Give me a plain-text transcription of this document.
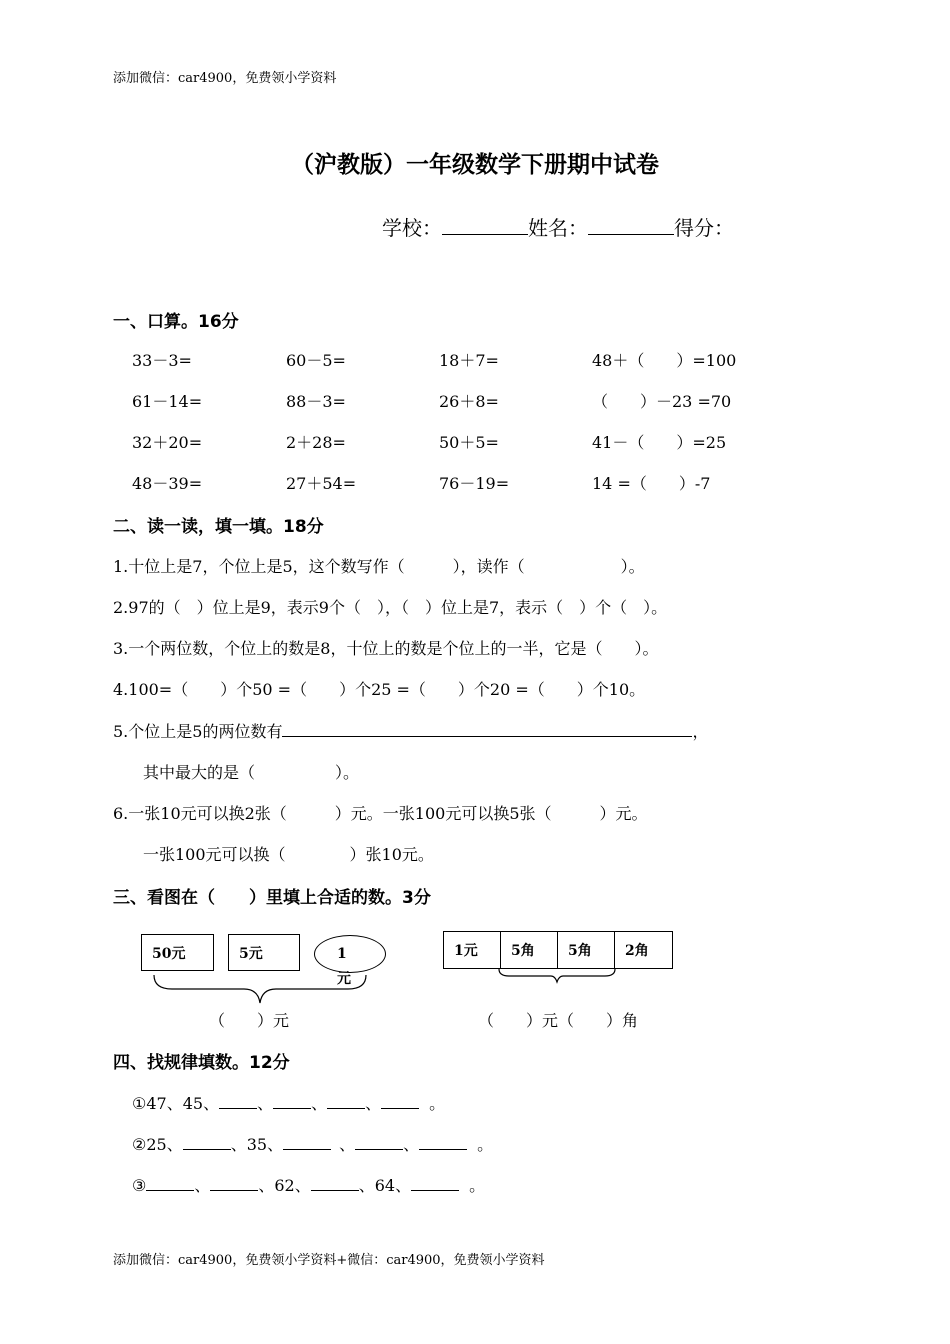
添加微信：car4900，免费领小学资料
（沪教版）一年级数学下册期中试卷
学校：	姓名：	得分：
一、口算。16分
33－3=	60－5=	18＋7=	48＋（　　）=100
61－14=	88－3=	26＋8=	（　　）－23 =70
32＋20=	2＋28=	50＋5=	41－（　　）=25
48－39=	27＋54=	76－19=	14 =（　　）-7
二、读一读，填一填。18分
1.十位上是7，个位上是5，这个数写作（　　　），读作（　　　　　　）。
2.97的（　）位上是9，表示9个（　），（　）位上是7，表示（　）个（　）。
3.一个两位数，个位上的数是8，十位上的数是个位上的一半，它是（　　）。
4.100=（　　）个50 =（　　）个25 =（　　）个20 =（　　）个10。
5.个位上是5的两位数有	，
其中最大的是（　　　　　）。
6.一张10元可以换2张（　　　）元。一张100元可以换5张（　　　）元。
一张100元可以换（　　　　）张10元。
三、看图在（　　）里填上合适的数。3分
50元	5元	1
元
（　　）元
1元 5角 5角 2角
（　　）元（　　）角
四、找规律填数。12分
①47、45、 、 、 、	。
②25、	、35、	、	、	。
③	、	、62、	、64、	。
添加微信：car4900，免费领小学资料+微信：car4900，免费领小学资料
